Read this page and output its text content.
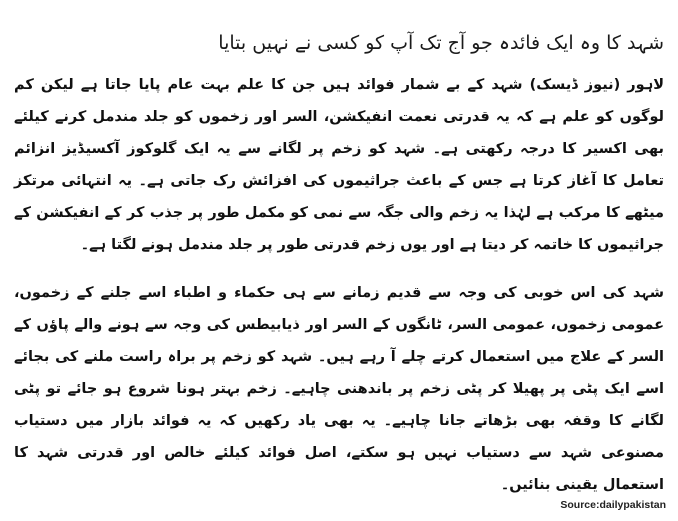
شہد کا وہ ایک فائدہ جو آج تک آپ کو کسی نے نہیں بتایا

لاہور (نیوز ڈیسک) شہد کے بے شمار فوائد ہیں جن کا علم بہت عام پایا جاتا ہے لیکن کم لوگوں کو علم ہے کہ یہ قدرتی نعمت انفیکشن، السر اور زخموں کو جلد مندمل کرنے کیلئے بھی اکسیر کا درجہ رکھتی ہے۔ شہد کو زخم پر لگانے سے یہ ایک گلوکوز آکسیڈیز انزائم تعامل کا آغاز کرتا ہے جس کے باعث جراثیموں کی افزائش رک جاتی ہے۔ یہ انتہائی مرتکز میٹھے کا مرکب ہے لہٰذا یہ زخم والی جگہ سے نمی کو مکمل طور پر جذب کر کے انفیکشن کے جراثیموں کا خاتمہ کر دیتا ہے اور یوں زخم قدرتی طور پر جلد مندمل ہونے لگتا ہے۔

شہد کی اس خوبی کی وجہ سے قدیم زمانے سے ہی حکماء و اطباء اسے جلنے کے زخموں، عمومی زخموں، عمومی السر، ٹانگوں کے السر اور ذیابیطس کی وجہ سے ہونے والے پاؤں کے السر کے علاج میں استعمال کرتے چلے آ رہے ہیں۔ شہد کو زخم پر براہ راست ملنے کی بجائے اسے ایک پٹی پر پھیلا کر پٹی زخم پر باندھنی چاہیے۔ زخم بہتر ہونا شروع ہو جائے تو پٹی لگانے کا وقفہ بھی بڑھاتے جانا چاہیے۔ یہ بھی یاد رکھیں کہ یہ فوائد بازار میں دستیاب مصنوعی شہد سے دستیاب نہیں ہو سکتے، اصل فوائد کیلئے خالص اور قدرتی شہد کا استعمال یقینی بنائیں۔

Source:dailypakistan
